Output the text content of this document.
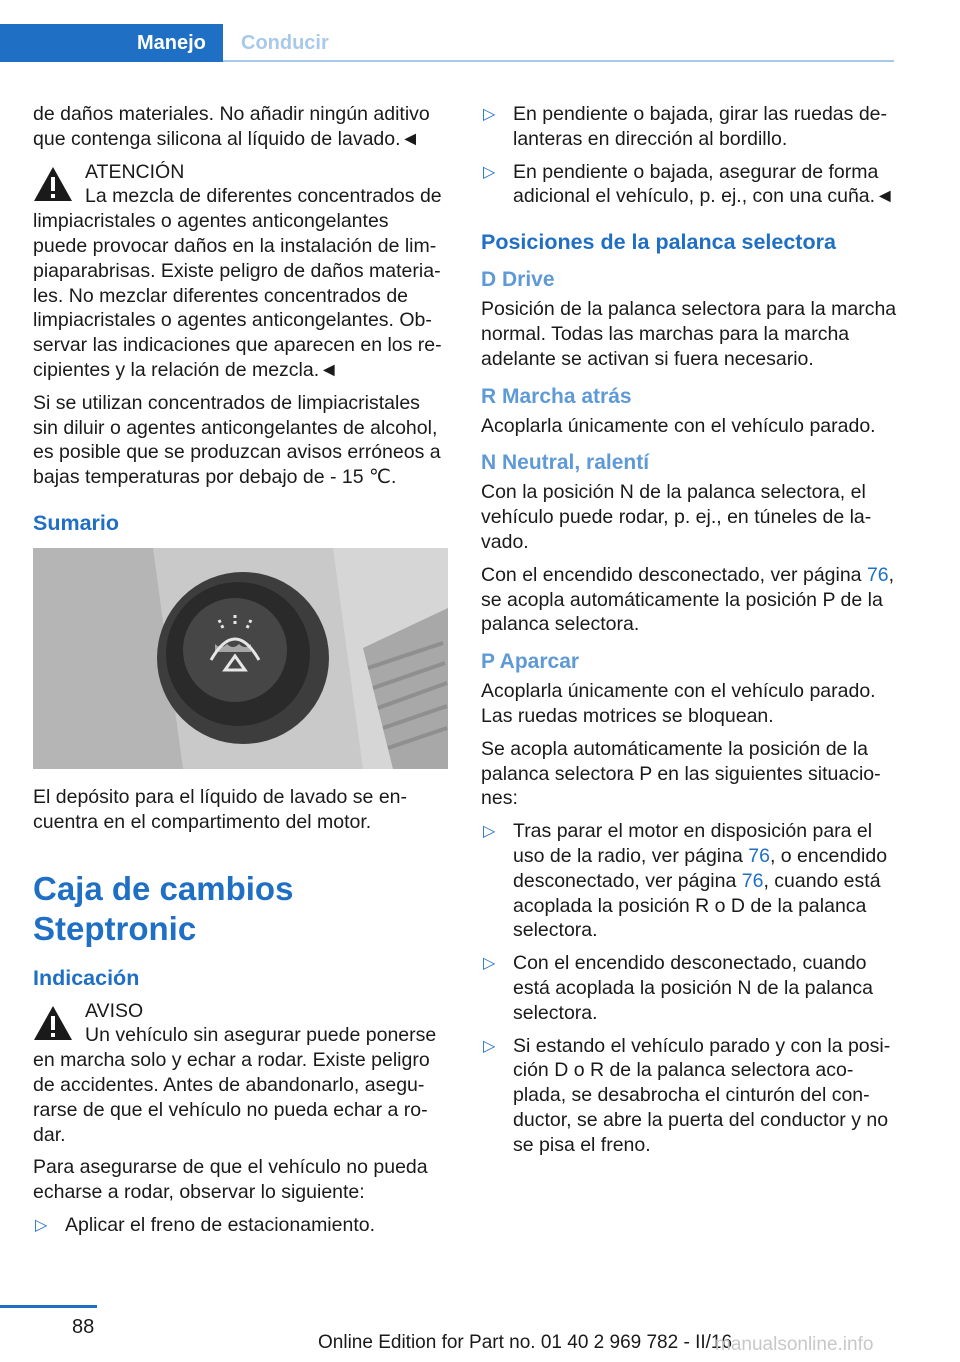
Manejo	Conducir

de daños materiales. No añadir ningún aditivo que contenga silicona al líquido de lavado.◄

ATENCIÓN
La mezcla de diferentes concentrados de
limpiacristales o agentes anticongelantes puede provocar daños en la instalación de limpiaparabrisas. Existe peligro de daños materiales. No mezclar diferentes concentrados de limpiacristales o agentes anticongelantes. Observar las indicaciones que aparecen en los recipientes y la relación de mezcla.◄

Si se utilizan concentrados de limpiacristales sin diluir o agentes anticongelantes de alcohol, es posible que se produzcan avisos erróneos a bajas temperaturas por debajo de - 15 ℃.

Sumario

El depósito para el líquido de lavado se encuentra en el compartimento del motor.

Caja de cambios Steptronic
Indicación
AVISO
Un vehículo sin asegurar puede ponerse
en marcha solo y echar a rodar. Existe peligro de accidentes. Antes de abandonarlo, asegurarse de que el vehículo no pueda echar a rodar.

Para asegurarse de que el vehículo no pueda echarse a rodar, observar lo siguiente:

▷ Aplicar el freno de estacionamiento.
▷ En pendiente o bajada, girar las ruedas delanteras en dirección al bordillo.
▷ En pendiente o bajada, asegurar de forma adicional el vehículo, p. ej., con una cuña.◄
Posiciones de la palanca selectora
D Drive

Posición de la palanca selectora para la marcha normal. Todas las marchas para la marcha adelante se activan si fuera necesario.

R Marcha atrás

Acoplarla únicamente con el vehículo parado.

N Neutral, ralentí

Con la posición N de la palanca selectora, el vehículo puede rodar, p. ej., en túneles de lavado.

Con el encendido desconectado, ver página 76, se acopla automáticamente la posición P de la palanca selectora.

P Aparcar

Acoplarla únicamente con el vehículo parado. Las ruedas motrices se bloquean.

Se acopla automáticamente la posición de la palanca selectora P en las siguientes situaciones:

▷ Tras parar el motor en disposición para el uso de la radio, ver página 76, o encendido desconectado, ver página 76, cuando está acoplada la posición R o D de la palanca selectora.
▷ Con el encendido desconectado, cuando está acoplada la posición N de la palanca selectora.
▷ Si estando el vehículo parado y con la posición D o R de la palanca selectora acoplada, se desabrocha el cinturón del conductor, se abre la puerta del conductor y no se pisa el freno.
88
Online Edition for Part no. 01 40 2 969 782 - II/16
manualsonline.info
